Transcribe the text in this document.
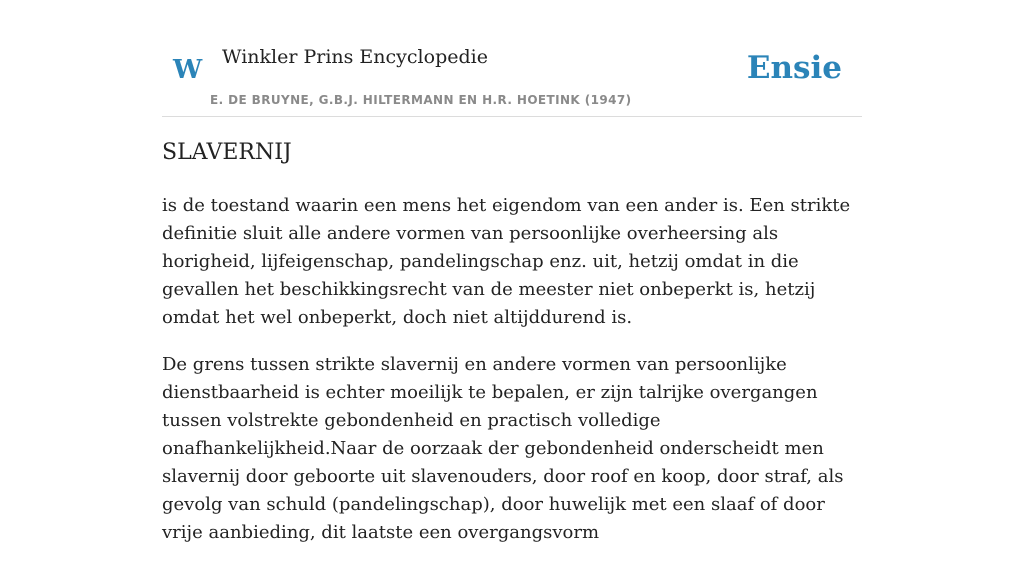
W Winkler Prins Encyclopedie
E. DE BRUYNE, G.B.J. HILTERMANN EN H.R. HOETINK (1947)
Ensie
SLAVERNIJ

is de toestand waarin een mens het eigendom van een ander is. Een strikte definitie sluit alle andere vormen van persoonlijke overheersing als horigheid, lijfeigenschap, pandelingschap enz. uit, hetzij omdat in die gevallen het beschikkingsrecht van de meester niet onbeperkt is, hetzij omdat het wel onbeperkt, doch niet altijddurend is.

De grens tussen strikte slavernij en andere vormen van persoonlijke dienstbaarheid is echter moeilijk te bepalen, er zijn talrijke overgangen tussen volstrekte gebondenheid en practisch volledige onafhankelijkheid.Naar de oorzaak der gebondenheid onderscheidt men slavernij door geboorte uit slavenouders, door roof en koop, door straf, als gevolg van schuld (pandelingschap), door huwelijk met een slaaf of door vrije aanbieding, dit laatste een overgangsvorm
